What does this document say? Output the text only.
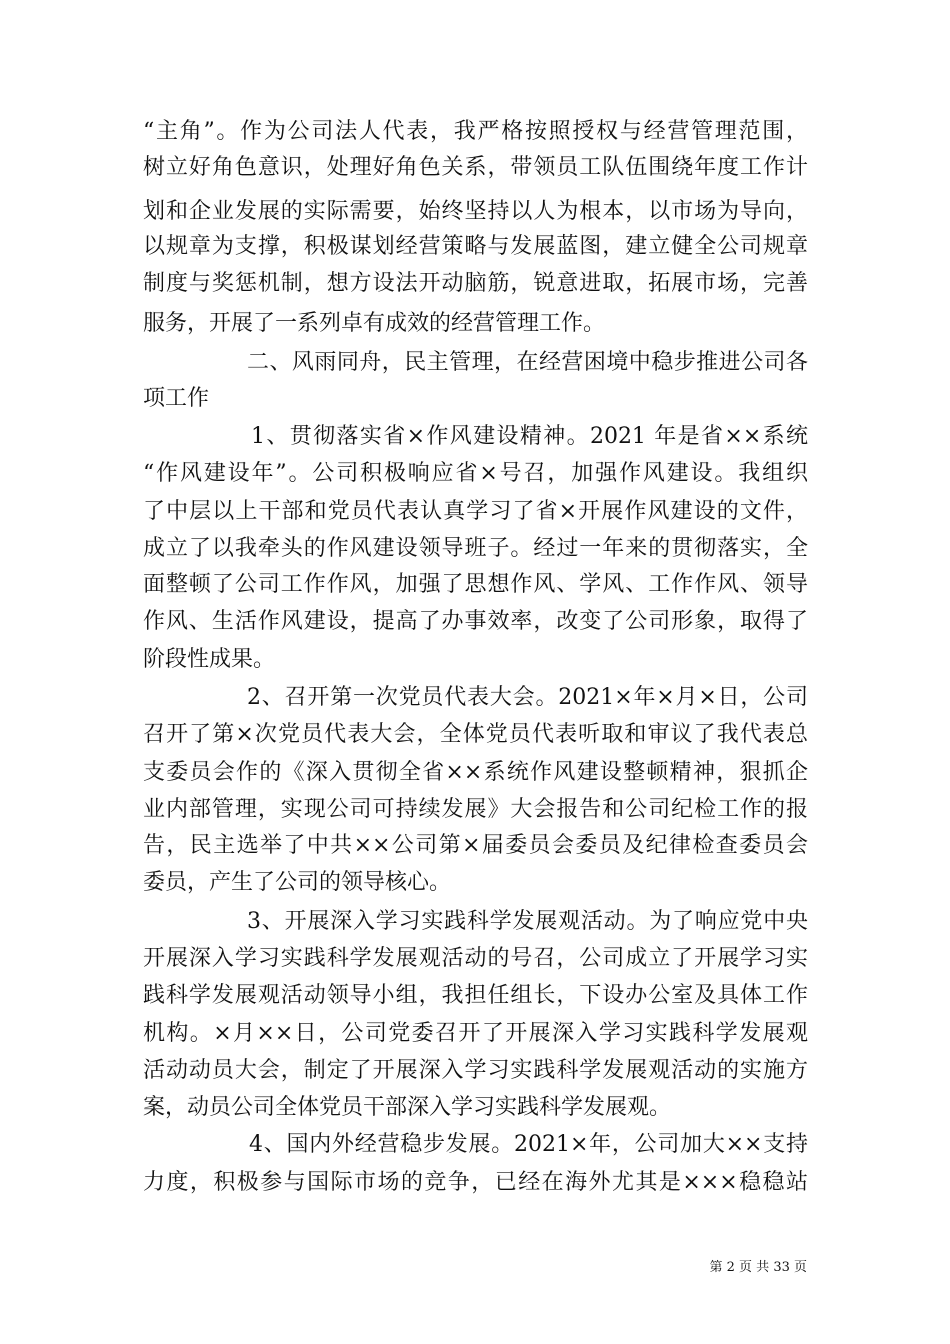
“主角”。作为公司法人代表，我严格按照授权与经营管理范围，
树立好角色意识，处理好角色关系，带领员工队伍围绕年度工作计
划和企业发展的实际需要，始终坚持以人为根本，以市场为导向，
以规章为支撑，积极谋划经营策略与发展蓝图，建立健全公司规章
制度与奖惩机制，想方设法开动脑筋，锐意进取，拓展市场，完善
服务，开展了一系列卓有成效的经营管理工作。
二、风雨同舟，民主管理，在经营困境中稳步推进公司各
项工作
1、贯彻落实省×作风建设精神。2021 年是省××系统
“作风建设年”。公司积极响应省×号召，加强作风建设。我组织
了中层以上干部和党员代表认真学习了省×开展作风建设的文件，
成立了以我牵头的作风建设领导班子。经过一年来的贯彻落实，全
面整顿了公司工作作风，加强了思想作风、学风、工作作风、领导
作风、生活作风建设，提高了办事效率，改变了公司形象，取得了
阶段性成果。
2、召开第一次党员代表大会。2021×年×月×日，公司
召开了第×次党员代表大会，全体党员代表听取和审议了我代表总
支委员会作的《深入贯彻全省××系统作风建设整顿精神，狠抓企
业内部管理，实现公司可持续发展》大会报告和公司纪检工作的报
告，民主选举了中共××公司第×届委员会委员及纪律检查委员会
委员，产生了公司的领导核心。
3、开展深入学习实践科学发展观活动。为了响应党中央
开展深入学习实践科学发展观活动的号召，公司成立了开展学习实
践科学发展观活动领导小组，我担任组长，下设办公室及具体工作
机构。×月××日，公司党委召开了开展深入学习实践科学发展观
活动动员大会，制定了开展深入学习实践科学发展观活动的实施方
案，动员公司全体党员干部深入学习实践科学发展观。
4、国内外经营稳步发展。2021×年，公司加大××支持
力度，积极参与国际市场的竞争，已经在海外尤其是×××稳稳站
第 2 页 共 33 页
